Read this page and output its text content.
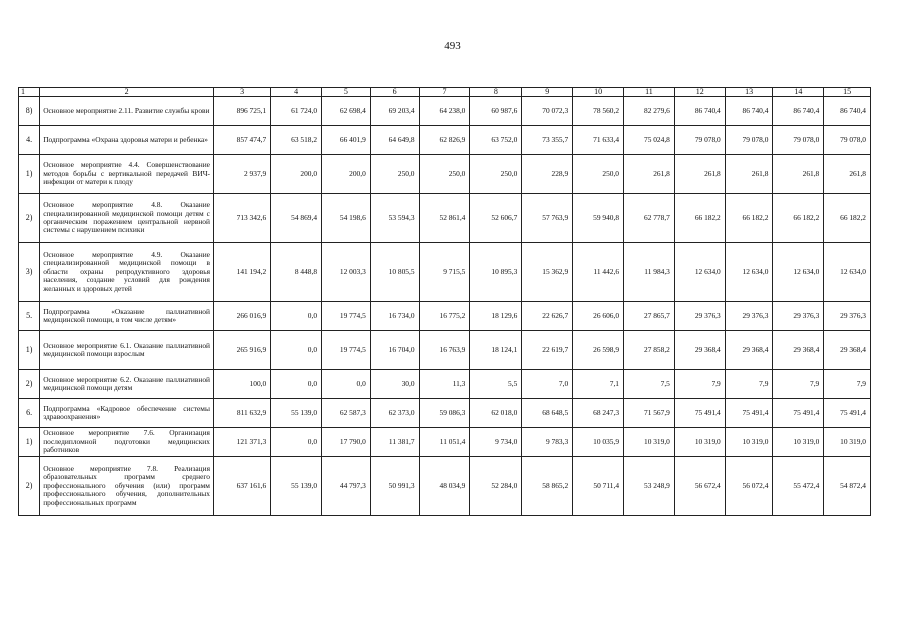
493
1	2	3	4	5	6	7	8	9	10	11	12	13	14	15
8)	Основное мероприятие 2.11. Развитие службы крови	896 725,1	61 724,0	62 698,4	69 203,4	64 238,0	60 987,6	70 072,3	78 560,2	82 279,6	86 740,4	86 740,4	86 740,4	86 740,4
4.	Подпрограмма «Охрана здоровья матери и ребенка»	857 474,7	63 518,2	66 401,9	64 649,8	62 826,9	63 752,0	73 355,7	71 633,4	75 024,8	79 078,0	79 078,0	79 078,0	79 078,0
1)	Основное мероприятие 4.4. Совершенствование методов борьбы с вертикальной передачей ВИЧ-инфекции от матери к плоду	2 937,9	200,0	200,0	250,0	250,0	250,0	228,9	250,0	261,8	261,8	261,8	261,8	261,8
2)	Основное мероприятие 4.8. Оказание специализированной медицинской помощи детям с органическим поражением центральной нервной системы с нарушением психики	713 342,6	54 869,4	54 198,6	53 594,3	52 861,4	52 606,7	57 763,9	59 940,8	62 778,7	66 182,2	66 182,2	66 182,2	66 182,2
3)	Основное мероприятие 4.9. Оказание специализированной медицинской помощи в области охраны репродуктивного здоровья населения, создание условий для рождения желанных и здоровых детей	141 194,2	8 448,8	12 003,3	10 805,5	9 715,5	10 895,3	15 362,9	11 442,6	11 984,3	12 634,0	12 634,0	12 634,0	12 634,0
5.	Подпрограмма «Оказание паллиативной медицинской помощи, в том числе детям»	266 016,9	0,0	19 774,5	16 734,0	16 775,2	18 129,6	22 626,7	26 606,0	27 865,7	29 376,3	29 376,3	29 376,3	29 376,3
1)	Основное мероприятие 6.1. Оказание паллиативной медицинской помощи взрослым	265 916,9	0,0	19 774,5	16 704,0	16 763,9	18 124,1	22 619,7	26 598,9	27 858,2	29 368,4	29 368,4	29 368,4	29 368,4
2)	Основное мероприятие 6.2. Оказание паллиативной медицинской помощи детям	100,0	0,0	0,0	30,0	11,3	5,5	7,0	7,1	7,5	7,9	7,9	7,9	7,9
6.	Подпрограмма «Кадровое обеспечение системы здравоохранения»	811 632,9	55 139,0	62 587,3	62 373,0	59 086,3	62 018,0	68 648,5	68 247,3	71 567,9	75 491,4	75 491,4	75 491,4	75 491,4
1)	Основное мероприятие 7.6. Организация последипломной подготовки медицинских работников	121 371,3	0,0	17 790,0	11 381,7	11 051,4	9 734,0	9 783,3	10 035,9	10 319,0	10 319,0	10 319,0	10 319,0	10 319,0
2)	Основное мероприятие 7.8. Реализация образовательных программ среднего профессионального обучения (или) программ профессионального обучения, дополнительных профессиональных программ	637 161,6	55 139,0	44 797,3	50 991,3	48 034,9	52 284,0	58 865,2	50 711,4	53 248,9	56 672,4	56 072,4	55 472,4	54 872,4
